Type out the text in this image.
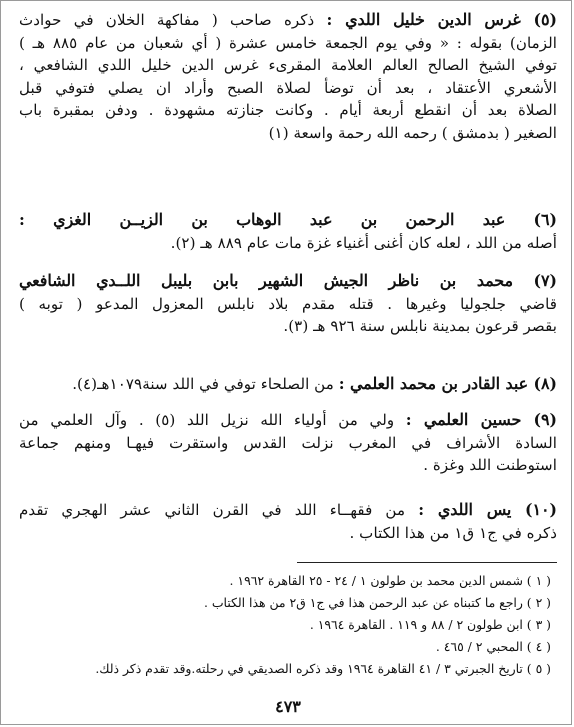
(٥) غرس الدين خليل اللدي : ذكره صاحب ( مفاكهة الخلان في حوادث
الزمان) بقوله : « وفي يوم الجمعة خامس عشرة ( أي شعبان من عام ٨٨٥ هـ )
توفي الشيخ الصالح العالم العلامة المقرىء غرس الدين خليل اللدي الشافعي ،
الأشعري الأعتقاد ، بعد أن توضأ لصلاة الصبح وأراد ان يصلي فتوفي قبل
الصلاة بعد أن انقطع أربعة أيام . وكانت جنازته مشهودة . ودفن بمقبرة باب
الصغير ( بدمشق ) رحمه الله رحمة واسعة (١)
(٦) عبد الرحمن بن عبد الوهاب بن الزيــن الغزي :
أصله من اللد ، لعله كان أغنى أغنياء غزة مات عام ٨٨٩ هـ (٢).
(٧) محمد بن ناظر الجيش الشهير بابن بليبل اللــدي الشافعي
قاضي جلجوليا وغيرها . قتله مقدم بلاد نابلس المعزول المدعو ( توبه )
بقصر قرعون بمدينة نابلس سنة ٩٢٦ هـ (٣).
(٨) عبد القادر بن محمد العلمي : من الصلحاء توفي في اللد سنة١٠٧٩هـ(٤).
(٩) حسين العلمي : ولي من أولياء الله نزيل اللد (٥) . وآل العلمي من
السادة الأشراف في المغرب نزلت القدس واستقرت فيهـا ومنهم جماعة
استوطنت اللد وغزة .
(١٠) يس اللدي : من فقهــاء اللد في القرن الثاني عشر الهجري تقدم
ذكره في ج١ ق١ من هذا الكتاب .
( ١ ) شمس الدين محمد بن طولون ١ / ٢٤ - ٢٥ القاهرة ١٩٦٢ .
( ٢ ) راجع ما كتبناه عن عبد الرحمن هذا في ج١ ق٢ من هذا الكتاب .
( ٣ ) ابن طولون ٢ / ٨٨ و ١١٩ . القاهرة ١٩٦٤ .
( ٤ ) المحبي ٢ / ٤٦٥ .
( ٥ ) تاريخ الجبرتي ٣ / ٤١ القاهرة ١٩٦٤ وقد ذكره الصديقي في رحلته.وقد تقدم ذكر ذلك.
٤٧٣
